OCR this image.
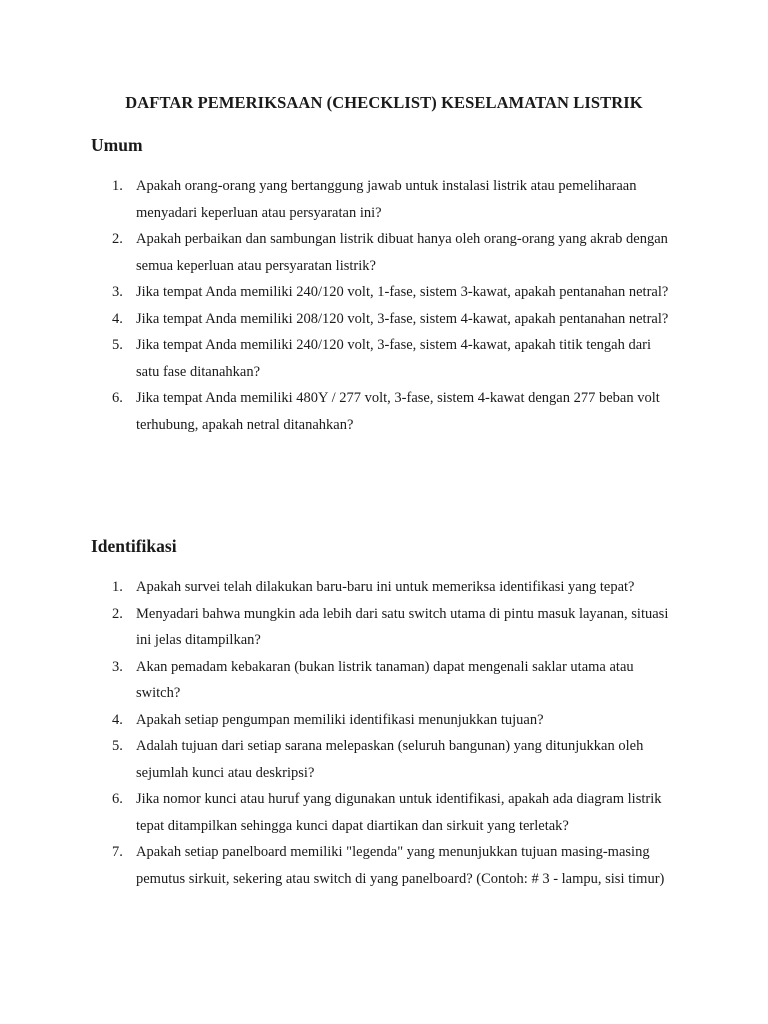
DAFTAR PEMERIKSAAN (CHECKLIST) KESELAMATAN LISTRIK
Umum
1. Apakah orang-orang yang bertanggung jawab untuk instalasi listrik atau pemeliharaan menyadari keperluan atau persyaratan ini?
2. Apakah perbaikan dan sambungan listrik dibuat hanya oleh orang-orang yang akrab dengan semua keperluan atau persyaratan listrik?
3. Jika tempat Anda memiliki 240/120 volt, 1-fase, sistem 3-kawat, apakah pentanahan netral?
4. Jika tempat Anda memiliki 208/120 volt, 3-fase, sistem 4-kawat, apakah pentanahan netral?
5. Jika tempat Anda memiliki 240/120 volt, 3-fase, sistem 4-kawat, apakah titik tengah dari satu fase ditanahkan?
6. Jika tempat Anda memiliki 480Y / 277 volt, 3-fase, sistem 4-kawat dengan 277 beban volt terhubung, apakah netral ditanahkan?
Identifikasi
1. Apakah survei telah dilakukan baru-baru ini untuk memeriksa identifikasi yang tepat?
2. Menyadari bahwa mungkin ada lebih dari satu switch utama di pintu masuk layanan, situasi ini jelas ditampilkan?
3. Akan pemadam kebakaran (bukan listrik tanaman) dapat mengenali saklar utama atau switch?
4. Apakah setiap pengumpan memiliki identifikasi menunjukkan tujuan?
5. Adalah tujuan dari setiap sarana melepaskan (seluruh bangunan) yang ditunjukkan oleh sejumlah kunci atau deskripsi?
6. Jika nomor kunci atau huruf yang digunakan untuk identifikasi, apakah ada diagram listrik tepat ditampilkan sehingga kunci dapat diartikan dan sirkuit yang terletak?
7. Apakah setiap panelboard memiliki "legenda" yang menunjukkan tujuan masing-masing pemutus sirkuit, sekering atau switch di yang panelboard? (Contoh: # 3 - lampu, sisi timur)
